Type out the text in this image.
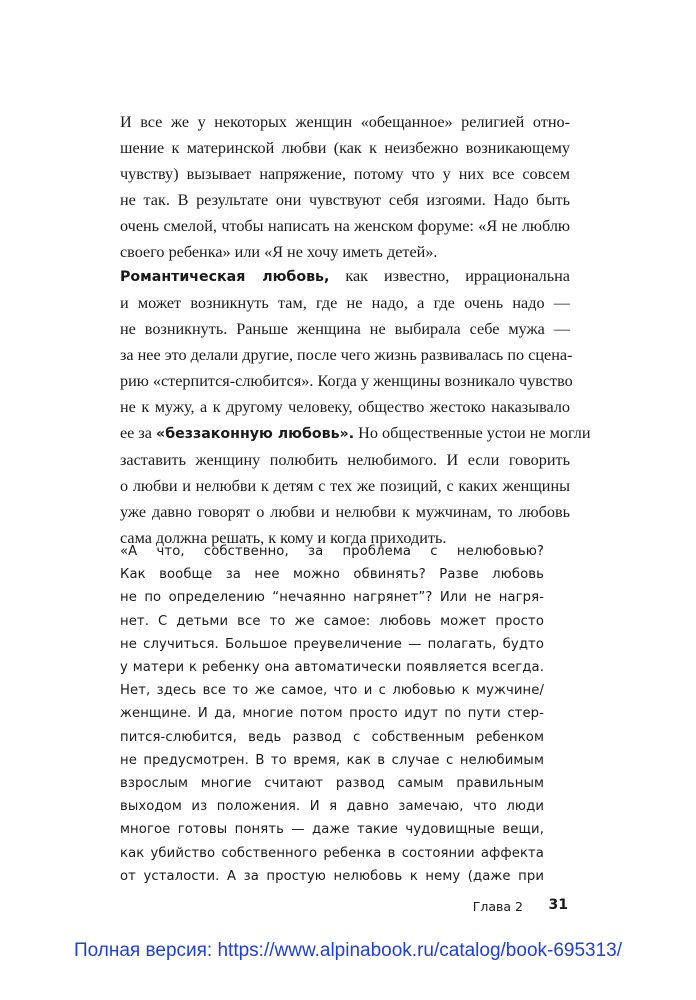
И все же у некоторых женщин «обещанное» религией отно-
шение к материнской любви (как к неизбежно возникающему
чувству) вызывает напряжение, потому что у них все совсем
не так. В результате они чувствуют себя изгоями. Надо быть
очень смелой, чтобы написать на женском форуме: «Я не люблю
своего ребенка» или «Я не хочу иметь детей».
Романтическая любовь, как известно, иррациональна
и может возникнуть там, где не надо, а где очень надо —
не возникнуть. Раньше женщина не выбирала себе мужа —
за нее это делали другие, после чего жизнь развивалась по сцена-
рию «стерпится-слюбится». Когда у женщины возникало чувство
не к мужу, а к другому человеку, общество жестоко наказывало
ее за «беззаконную любовь». Но общественные устои не могли
заставить женщину полюбить нелюбимого. И если говорить
о любви и нелюбви к детям с тех же позиций, с каких женщины
уже давно говорят о любви и нелюбви к мужчинам, то любовь
сама должна решать, к кому и когда приходить.
«А что, собственно, за проблема с нелюбовью?
Как вообще за нее можно обвинять? Разве любовь
не по определению “нечаянно нагрянет”? Или не нагря-
нет. С детьми все то же самое: любовь может просто
не случиться. Большое преувеличение — полагать, будто
у матери к ребенку она автоматически появляется всегда.
Нет, здесь все то же самое, что и с любовью к мужчине/
женщине. И да, многие потом просто идут по пути стер-
пится-слюбится, ведь развод с собственным ребенком
не предусмотрен. В то время, как в случае с нелюбимым
взрослым многие считают развод самым правильным
выходом из положения. И я давно замечаю, что люди
многое готовы понять — даже такие чудовищные вещи,
как убийство собственного ребенка в состоянии аффекта
от усталости. А за простую нелюбовь к нему (даже при
Глава 2 31
Полная версия: https://www.alpinabook.ru/catalog/book-695313/
